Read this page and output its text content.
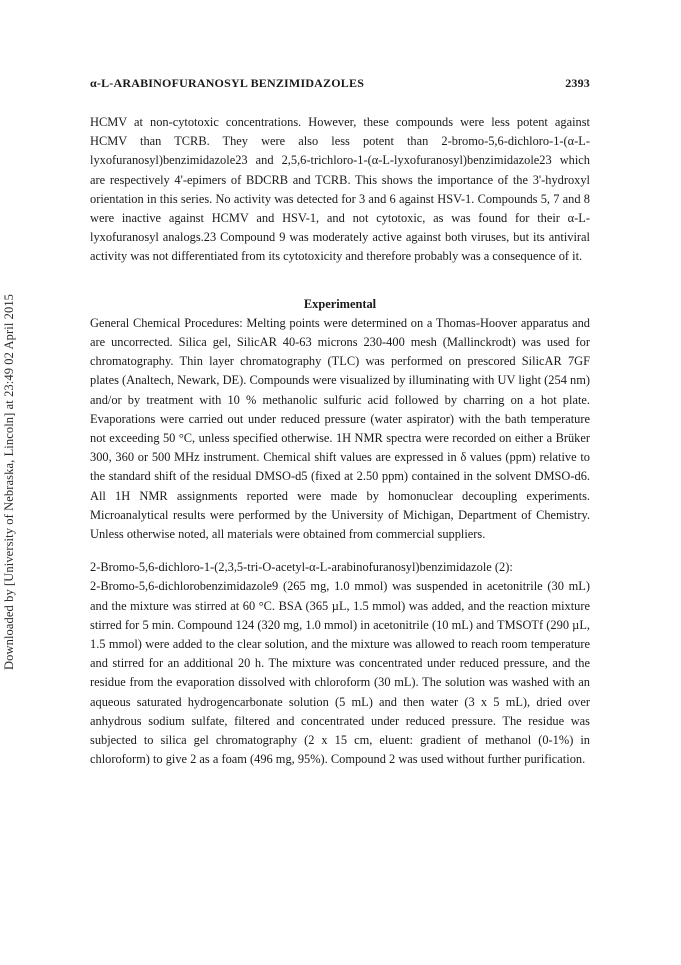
Downloaded by [University of Nebraska, Lincoln] at 23:49 02 April 2015
α-L-ARABINOFURANOSYL BENZIMIDAZOLES	2393

HCMV at non-cytotoxic concentrations. However, these compounds were less potent against HCMV than TCRB. They were also less potent than 2-bromo-5,6-dichloro-1-(α-L-lyxofuranosyl)benzimidazole23 and 2,5,6-trichloro-1-(α-L-lyxofuranosyl)benzimidazole23 which are respectively 4'-epimers of BDCRB and TCRB. This shows the importance of the 3'-hydroxyl orientation in this series. No activity was detected for 3 and 6 against HSV-1. Compounds 5, 7 and 8 were inactive against HCMV and HSV-1, and not cytotoxic, as was found for their α-L-lyxofuranosyl analogs.23 Compound 9 was moderately active against both viruses, but its antiviral activity was not differentiated from its cytotoxicity and therefore probably was a consequence of it.

Experimental

General Chemical Procedures: Melting points were determined on a Thomas-Hoover apparatus and are uncorrected. Silica gel, SilicAR 40-63 microns 230-400 mesh (Mallinckrodt) was used for chromatography. Thin layer chromatography (TLC) was performed on prescored SilicAR 7GF plates (Analtech, Newark, DE). Compounds were visualized by illuminating with UV light (254 nm) and/or by treatment with 10 % methanolic sulfuric acid followed by charring on a hot plate. Evaporations were carried out under reduced pressure (water aspirator) with the bath temperature not exceeding 50 °C, unless specified otherwise. 1H NMR spectra were recorded on either a Brüker 300, 360 or 500 MHz instrument. Chemical shift values are expressed in δ values (ppm) relative to the standard shift of the residual DMSO-d5 (fixed at 2.50 ppm) contained in the solvent DMSO-d6. All 1H NMR assignments reported were made by homonuclear decoupling experiments. Microanalytical results were performed by the University of Michigan, Department of Chemistry. Unless otherwise noted, all materials were obtained from commercial suppliers.

2-Bromo-5,6-dichloro-1-(2,3,5-tri-O-acetyl-α-L-arabinofuranosyl)benzimidazole (2):

2-Bromo-5,6-dichlorobenzimidazole9 (265 mg, 1.0 mmol) was suspended in acetonitrile (30 mL) and the mixture was stirred at 60 °C. BSA (365 µL, 1.5 mmol) was added, and the reaction mixture stirred for 5 min. Compound 124 (320 mg, 1.0 mmol) in acetonitrile (10 mL) and TMSOTf (290 µL, 1.5 mmol) were added to the clear solution, and the mixture was allowed to reach room temperature and stirred for an additional 20 h. The mixture was concentrated under reduced pressure, and the residue from the evaporation dissolved with chloroform (30 mL). The solution was washed with an aqueous saturated hydrogencarbonate solution (5 mL) and then water (3 x 5 mL), dried over anhydrous sodium sulfate, filtered and concentrated under reduced pressure. The residue was subjected to silica gel chromatography (2 x 15 cm, eluent: gradient of methanol (0-1%) in chloroform) to give 2 as a foam (496 mg, 95%). Compound 2 was used without further purification.
